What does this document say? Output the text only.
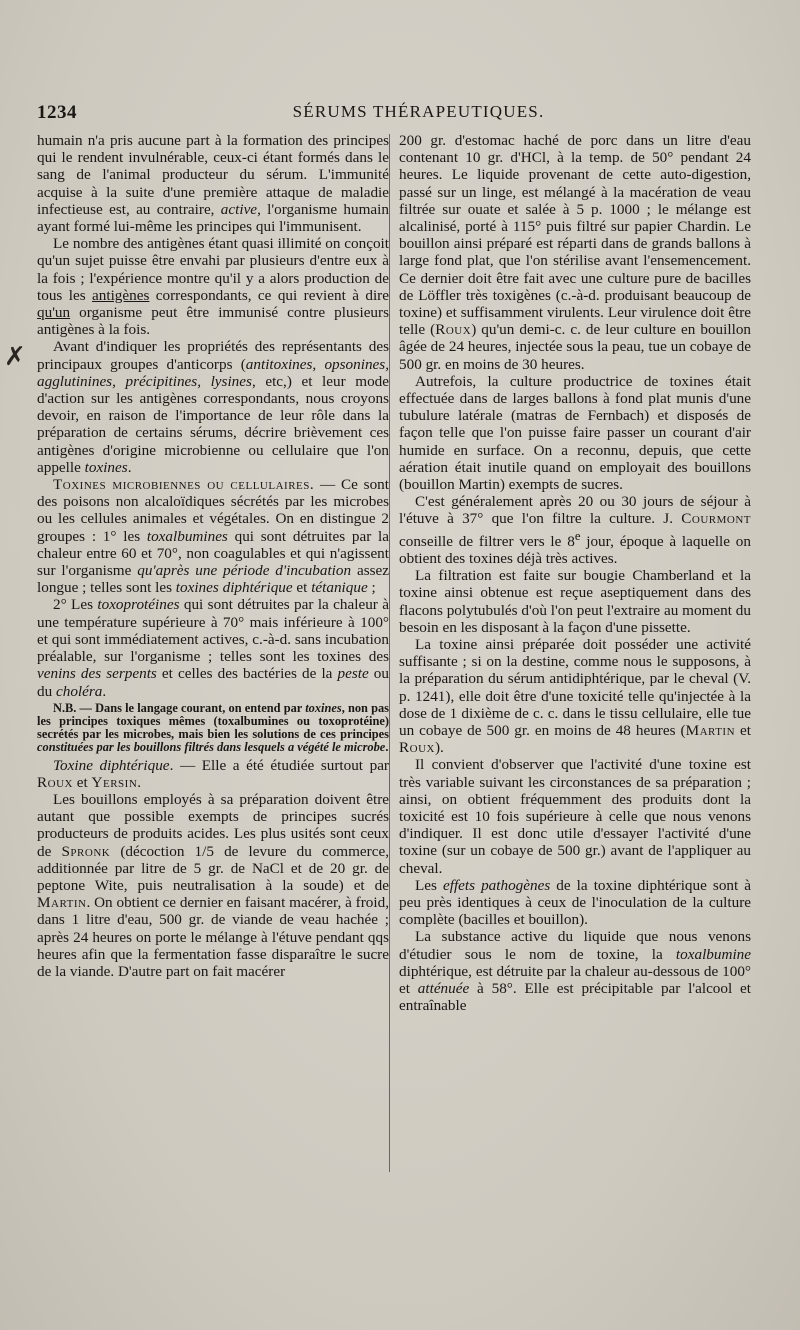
1234	SÉRUMS THÉRAPEUTIQUES.
✗

humain n'a pris aucune part à la formation des principes qui le rendent invulnérable, ceux-ci étant formés dans le sang de l'animal producteur du sérum. L'immunité acquise à la suite d'une première attaque de maladie infectieuse est, au contraire, active, l'organisme humain ayant formé lui-même les principes qui l'immunisent.

Le nombre des antigènes étant quasi illimité on conçoit qu'un sujet puisse être envahi par plusieurs d'entre eux à la fois ; l'expérience montre qu'il y a alors production de tous les antigènes correspondants, ce qui revient à dire qu'un organisme peut être immunisé contre plusieurs antigènes à la fois.

Avant d'indiquer les propriétés des représentants des principaux groupes d'anticorps (antitoxines, opsonines, agglutinines, précipitines, lysines, etc,) et leur mode d'action sur les antigènes correspondants, nous croyons devoir, en raison de l'importance de leur rôle dans la préparation de certains sérums, décrire brièvement ces antigènes d'origine microbienne ou cellulaire que l'on appelle toxines.

Toxines microbiennes ou cellulaires. — Ce sont des poisons non alcaloïdiques sécrétés par les microbes ou les cellules animales et végétales. On en distingue 2 groupes : 1° les toxalbumines qui sont détruites par la chaleur entre 60 et 70°, non coagulables et qui n'agissent sur l'organisme qu'après une période d'incubation assez longue ; telles sont les toxines diphtérique et tétanique ;

2° Les toxoprotéines qui sont détruites par la chaleur à une température supérieure à 70° mais inférieure à 100° et qui sont immédiatement actives, c.-à-d. sans incubation préalable, sur l'organisme ; telles sont les toxines des venins des serpents et celles des bactéries de la peste ou du choléra.

N.B. — Dans le langage courant, on entend par toxines, non pas les principes toxiques mêmes (toxalbumines ou toxoprotéine) secrétés par les microbes, mais bien les solutions de ces principes constituées par les bouillons filtrés dans lesquels a végété le microbe.

Toxine diphtérique. — Elle a été étudiée surtout par Roux et Yersin.

Les bouillons employés à sa préparation doivent être autant que possible exempts de principes sucrés producteurs de produits acides. Les plus usités sont ceux de Spronk (décoction 1/5 de levure du commerce, additionnée par litre de 5 gr. de NaCl et de 20 gr. de peptone Wite, puis neutralisation à la soude) et de Martin. On obtient ce dernier en faisant macérer, à froid, dans 1 litre d'eau, 500 gr. de viande de veau hachée ; après 24 heures on porte le mélange à l'étuve pendant qqs heures afin que la fermentation fasse disparaître le sucre de la viande. D'autre part on fait macérer

200 gr. d'estomac haché de porc dans un litre d'eau contenant 10 gr. d'HCl, à la temp. de 50° pendant 24 heures. Le liquide provenant de cette auto-digestion, passé sur un linge, est mélangé à la macération de veau filtrée sur ouate et salée à 5 p. 1000 ; le mélange est alcalinisé, porté à 115° puis filtré sur papier Chardin. Le bouillon ainsi préparé est réparti dans de grands ballons à large fond plat, que l'on stérilise avant l'ensemencement. Ce dernier doit être fait avec une culture pure de bacilles de Löffler très toxigènes (c.-à-d. produisant beaucoup de toxine) et suffisamment virulents. Leur virulence doit être telle (Roux) qu'un demi-c. c. de leur culture en bouillon âgée de 24 heures, injectée sous la peau, tue un cobaye de 500 gr. en moins de 30 heures.

Autrefois, la culture productrice de toxines était effectuée dans de larges ballons à fond plat munis d'une tubulure latérale (matras de Fernbach) et disposés de façon telle que l'on puisse faire passer un courant d'air humide en surface. On a reconnu, depuis, que cette aération était inutile quand on employait des bouillons (bouillon Martin) exempts de sucres.

C'est généralement après 20 ou 30 jours de séjour à l'étuve à 37° que l'on filtre la culture. J. Courmont conseille de filtrer vers le 8e jour, époque à laquelle on obtient des toxines déjà très actives.

La filtration est faite sur bougie Chamberland et la toxine ainsi obtenue est reçue aseptiquement dans des flacons polytubulés d'où l'on peut l'extraire au moment du besoin en les disposant à la façon d'une pissette.

La toxine ainsi préparée doit posséder une activité suffisante ; si on la destine, comme nous le supposons, à la préparation du sérum antidiphtérique, par le cheval (V. p. 1241), elle doit être d'une toxicité telle qu'injectée à la dose de 1 dixième de c. c. dans le tissu cellulaire, elle tue un cobaye de 500 gr. en moins de 48 heures (Martin et Roux).

Il convient d'observer que l'activité d'une toxine est très variable suivant les circonstances de sa préparation ; ainsi, on obtient fréquemment des produits dont la toxicité est 10 fois supérieure à celle que nous venons d'indiquer. Il est donc utile d'essayer l'activité d'une toxine (sur un cobaye de 500 gr.) avant de l'appliquer au cheval.

Les effets pathogènes de la toxine diphtérique sont à peu près identiques à ceux de l'inoculation de la culture complète (bacilles et bouillon).

La substance active du liquide que nous venons d'étudier sous le nom de toxine, la toxalbumine diphtérique, est détruite par la chaleur au-dessous de 100° et atténuée à 58°. Elle est précipitable par l'alcool et entraînable
